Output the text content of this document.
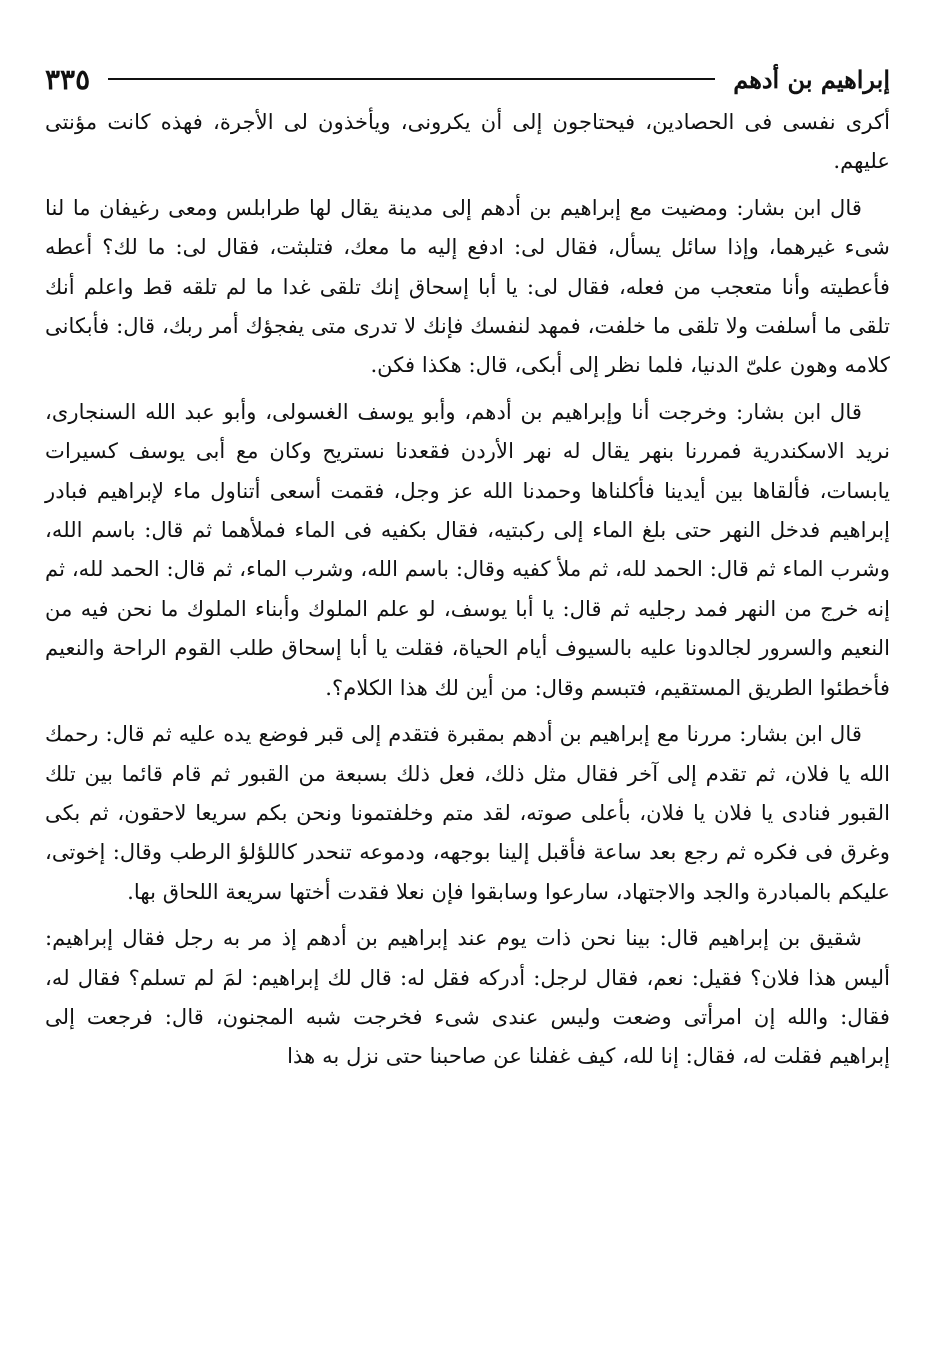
إبراهيم بن أدهم
٣٣٥

أكرى نفسى فى الحصادين، فيحتاجون إلى أن يكرونى، ويأخذون لى الأجرة، فهذه كانت مؤنتى عليهم.

قال ابن بشار: ومضيت مع إبراهيم بن أدهم إلى مدينة يقال لها طرابلس ومعى رغيفان ما لنا شىء غيرهما، وإذا سائل يسأل، فقال لى: ادفع إليه ما معك، فتلبثت، فقال لى: ما لك؟ أعطه فأعطيته وأنا متعجب من فعله، فقال لى: يا أبا إسحاق إنك تلقى غدا ما لم تلقه قط واعلم أنك تلقى ما أسلفت ولا تلقى ما خلفت، فمهد لنفسك فإنك لا تدرى متى يفجؤك أمر ربك، قال: فأبكانى كلامه وهون علىّ الدنيا، فلما نظر إلى أبكى، قال: هكذا فكن.

قال ابن بشار: وخرجت أنا وإبراهيم بن أدهم، وأبو يوسف الغسولى، وأبو عبد الله السنجارى، نريد الاسكندرية فمررنا بنهر يقال له نهر الأردن فقعدنا نستريح وكان مع أبى يوسف كسيرات يابسات، فألقاها بين أيدينا فأكلناها وحمدنا الله عز وجل، فقمت أسعى أتناول ماء لإبراهيم فبادر إبراهيم فدخل النهر حتى بلغ الماء إلى ركبتيه، فقال بكفيه فى الماء فملأهما ثم قال: باسم الله، وشرب الماء ثم قال: الحمد لله، ثم ملأ كفيه وقال: باسم الله، وشرب الماء، ثم قال: الحمد لله، ثم إنه خرج من النهر فمد رجليه ثم قال: يا أبا يوسف، لو علم الملوك وأبناء الملوك ما نحن فيه من النعيم والسرور لجالدونا عليه بالسيوف أيام الحياة، فقلت يا أبا إسحاق طلب القوم الراحة والنعيم فأخطئوا الطريق المستقيم، فتبسم وقال: من أين لك هذا الكلام؟.

قال ابن بشار: مررنا مع إبراهيم بن أدهم بمقبرة فتقدم إلى قبر فوضع يده عليه ثم قال: رحمك الله يا فلان، ثم تقدم إلى آخر فقال مثل ذلك، فعل ذلك بسبعة من القبور ثم قام قائما بين تلك القبور فنادى يا فلان يا فلان، بأعلى صوته، لقد متم وخلفتمونا ونحن بكم سريعا لاحقون، ثم بكى وغرق فى فكره ثم رجع بعد ساعة فأقبل إلينا بوجهه، ودموعه تنحدر كاللؤلؤ الرطب وقال: إخوتى، عليكم بالمبادرة والجد والاجتهاد، سارعوا وسابقوا فإن نعلا فقدت أختها سريعة اللحاق بها.

شقيق بن إبراهيم قال: بينا نحن ذات يوم عند إبراهيم بن أدهم إذ مر به رجل فقال إبراهيم: أليس هذا فلان؟ فقيل: نعم، فقال لرجل: أدركه فقل له: قال لك إبراهيم: لمَ لم تسلم؟ فقال له، فقال: والله إن امرأتى وضعت وليس عندى شىء فخرجت شبه المجنون، قال: فرجعت إلى إبراهيم فقلت له، فقال: إنا لله، كيف غفلنا عن صاحبنا حتى نزل به هذا
